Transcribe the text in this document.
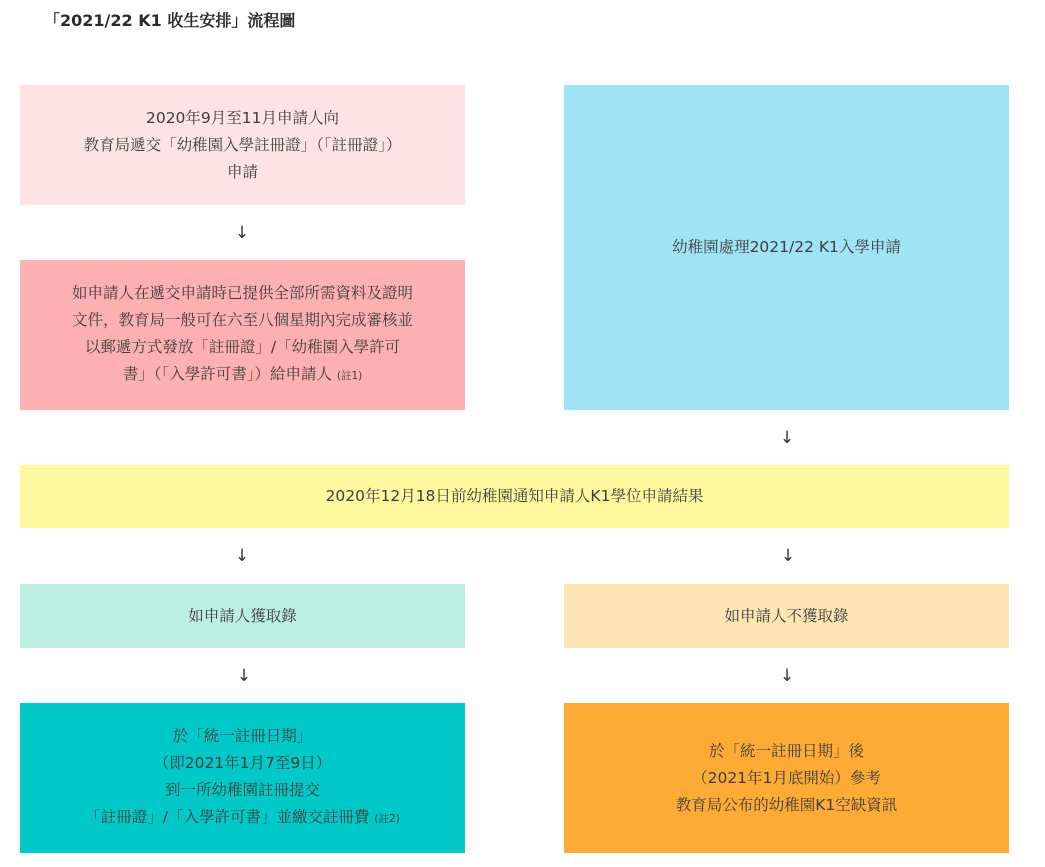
「2021/22 K1 收生安排」流程圖
2020年9月至11月申請人向
教育局遞交「幼稚園入學註冊證」（「註冊證」）
申請
↓
如申請人在遞交申請時已提供全部所需資料及證明
文件，教育局一般可在六至八個星期內完成審核並
以郵遞方式發放「註冊證」/「幼稚園入學許可
書」（「入學許可書」）給申請人 (註1)
幼稚園處理2021/22 K1入學申請
↓
2020年12月18日前幼稚園通知申請人K1學位申請結果
↓	↓
如申請人獲取錄	如申請人不獲取錄
↓	↓
於「統一註冊日期」
（即2021年1月7至9日）
到一所幼稚園註冊提交
「註冊證」/「入學許可書」並繳交註冊費 (註2)
於「統一註冊日期」後
（2021年1月底開始）參考
教育局公布的幼稚園K1空缺資訊
